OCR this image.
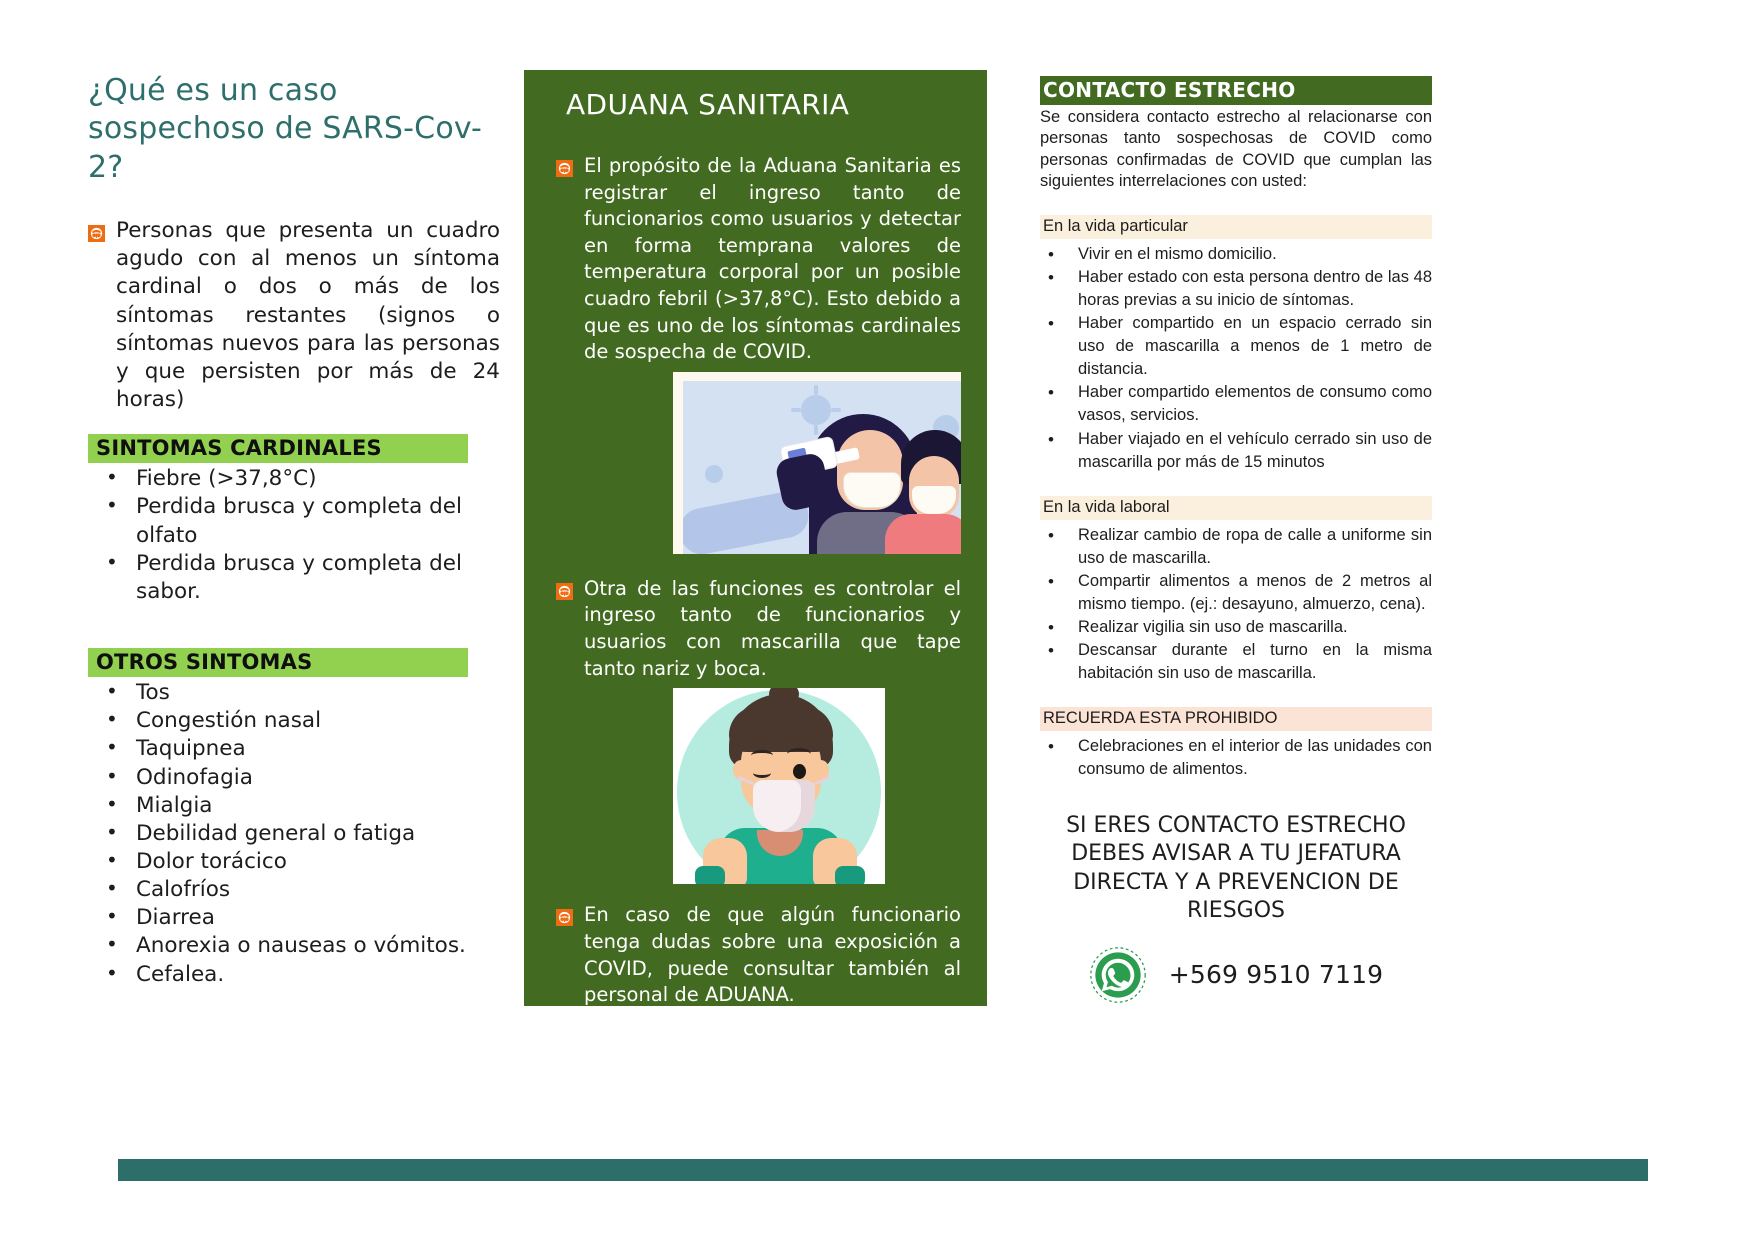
¿Qué es un caso sospechoso de SARS-Cov-2?
Personas que presenta un cuadro agudo con al menos un síntoma cardinal o dos o más de los síntomas restantes (signos o síntomas nuevos para las personas y que persisten por más de 24 horas)
SINTOMAS CARDINALES
• Fiebre (>37,8°C)
• Perdida brusca y completa del olfato
• Perdida brusca y completa del sabor.
OTROS SINTOMAS
• Tos
• Congestión nasal
• Taquipnea
• Odinofagia
• Mialgia
• Debilidad general o fatiga
• Dolor torácico
• Calofríos
• Diarrea
• Anorexia o nauseas o vómitos.
• Cefalea.
ADUANA SANITARIA
El propósito de la Aduana Sanitaria es registrar el ingreso tanto de funcionarios como usuarios y detectar en forma temprana valores de temperatura corporal por un posible cuadro febril (>37,8°C). Esto debido a que es uno de los síntomas cardinales de sospecha de COVID.
Otra de las funciones es controlar el ingreso tanto de funcionarios y usuarios con mascarilla que tape tanto nariz y boca.
En caso de que algún funcionario tenga dudas sobre una exposición a COVID, puede consultar también al personal de ADUANA.
CONTACTO ESTRECHO

Se considera contacto estrecho al relacionarse con personas tanto sospechosas de COVID como personas confirmadas de COVID que cumplan las siguientes interrelaciones con usted:

En la vida particular
• Vivir en el mismo domicilio.
• Haber estado con esta persona dentro de las 48 horas previas a su inicio de síntomas.
• Haber compartido en un espacio cerrado sin uso de mascarilla a menos de 1 metro de distancia.
• Haber compartido elementos de consumo como vasos, servicios.
• Haber viajado en el vehículo cerrado sin uso de mascarilla por más de 15 minutos
En la vida laboral
• Realizar cambio de ropa de calle a uniforme sin uso de mascarilla.
• Compartir alimentos a menos de 2 metros al mismo tiempo. (ej.: desayuno, almuerzo, cena).
• Realizar vigilia sin uso de mascarilla.
• Descansar durante el turno en la misma habitación sin uso de mascarilla.
RECUERDA ESTA PROHIBIDO
• Celebraciones en el interior de las unidades con consumo de alimentos.
SI ERES CONTACTO ESTRECHO DEBES AVISAR A TU JEFATURA DIRECTA Y A PREVENCION DE RIESGOS
+569 9510 7119
